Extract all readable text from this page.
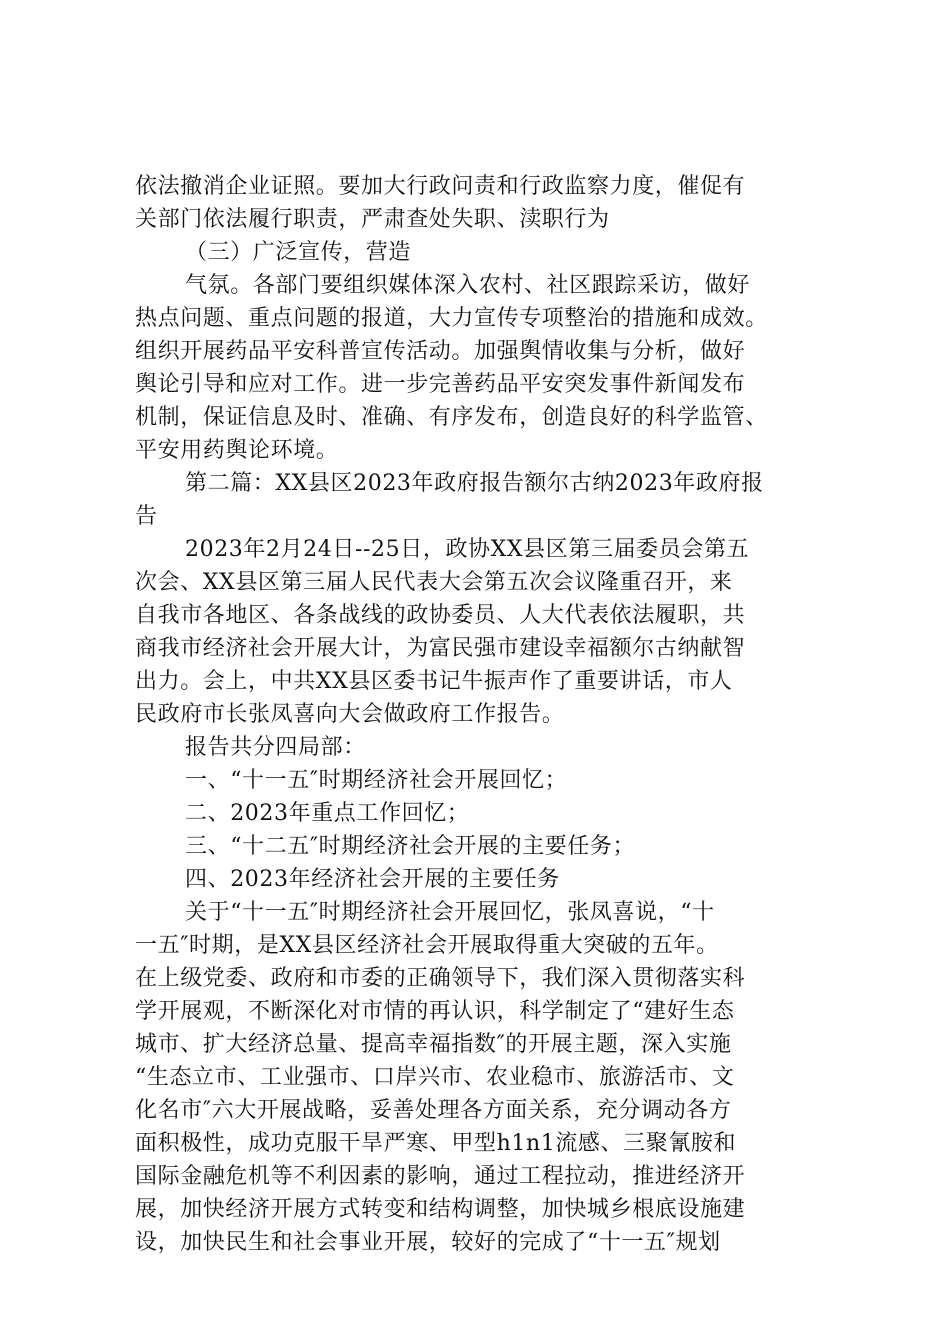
依法撤消企业证照。要加大行政问责和行政监察力度，催促有
关部门依法履行职责，严肃查处失职、渎职行为
（三）广泛宣传，营造
气氛。各部门要组织媒体深入农村、社区跟踪采访，做好
热点问题、重点问题的报道，大力宣传专项整治的措施和成效。
组织开展药品平安科普宣传活动。加强舆情收集与分析，做好
舆论引导和应对工作。进一步完善药品平安突发事件新闻发布
机制，保证信息及时、准确、有序发布，创造良好的科学监管、
平安用药舆论环境。
第二篇：XX县区2023年政府报告额尔古纳2023年政府报
告
2023年2月24日--25日，政协XX县区第三届委员会第五
次会、XX县区第三届人民代表大会第五次会议隆重召开，来
自我市各地区、各条战线的政协委员、人大代表依法履职，共
商我市经济社会开展大计，为富民强市建设幸福额尔古纳献智
出力。会上，中共XX县区委书记牛振声作了重要讲话，市人
民政府市长张凤喜向大会做政府工作报告。
报告共分四局部：
一、“十一五″时期经济社会开展回忆；
二、2023年重点工作回忆；
三、“十二五″时期经济社会开展的主要任务；
四、2023年经济社会开展的主要任务
关于“十一五″时期经济社会开展回忆，张凤喜说，“十
一五″时期，是XX县区经济社会开展取得重大突破的五年。
在上级党委、政府和市委的正确领导下，我们深入贯彻落实科
学开展观，不断深化对市情的再认识，科学制定了“建好生态
城市、扩大经济总量、提高幸福指数″的开展主题，深入实施
“生态立市、工业强市、口岸兴市、农业稳市、旅游活市、文
化名市″六大开展战略，妥善处理各方面关系，充分调动各方
面积极性，成功克服干旱严寒、甲型h1n1流感、三聚氰胺和
国际金融危机等不利因素的影响，通过工程拉动，推进经济开
展，加快经济开展方式转变和结构调整，加快城乡根底设施建
设，加快民生和社会事业开展，较好的完成了“十一五″规划
